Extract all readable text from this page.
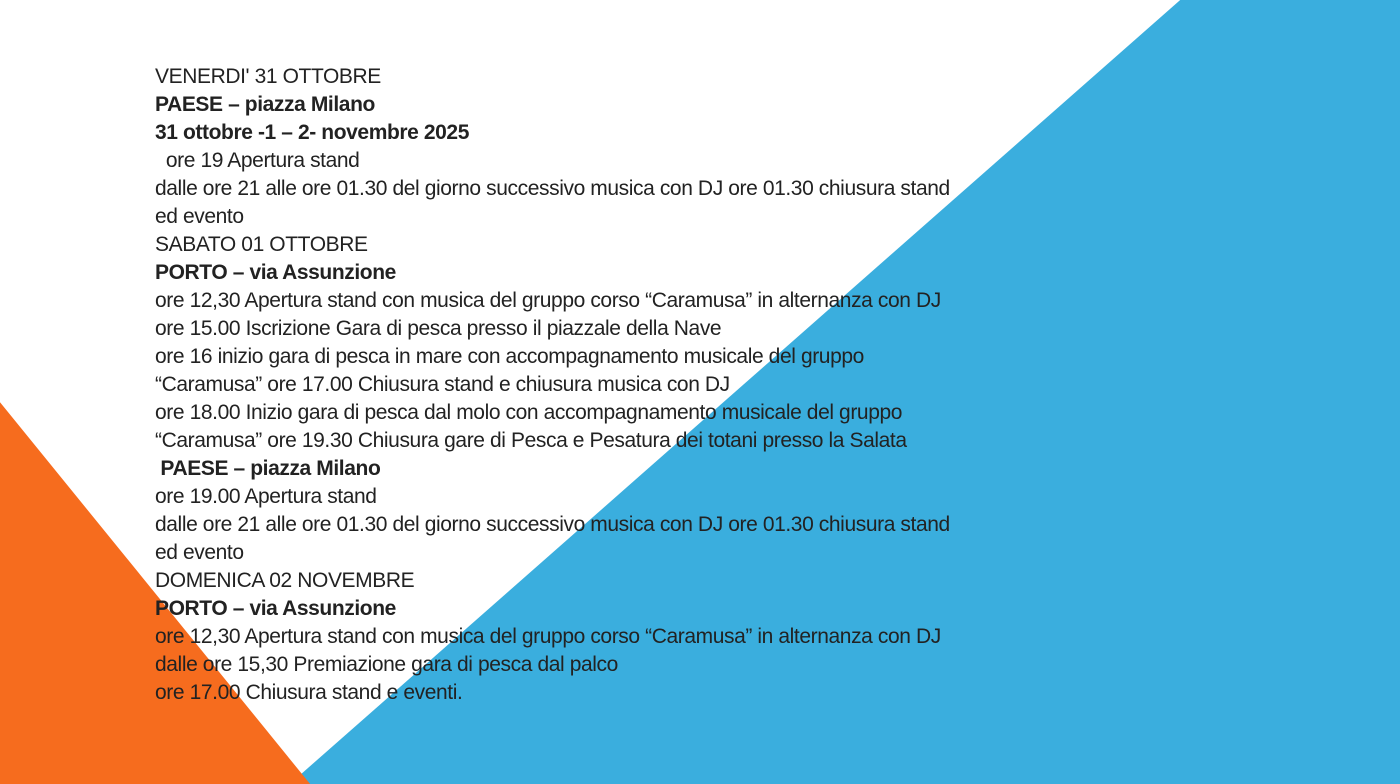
VENERDI' 31 OTTOBRE
PAESE – piazza Milano
31 ottobre -1 – 2- novembre 2025
ore 19 Apertura stand
dalle ore 21 alle ore 01.30 del giorno successivo musica con DJ ore 01.30 chiusura stand
ed evento
SABATO 01 OTTOBRE
PORTO – via Assunzione
ore 12,30 Apertura stand con musica del gruppo corso “Caramusa” in alternanza con DJ
ore 15.00 Iscrizione Gara di pesca presso il piazzale della Nave
ore 16 inizio gara di pesca in mare con accompagnamento musicale del gruppo
“Caramusa” ore 17.00 Chiusura stand e chiusura musica con DJ
ore 18.00 Inizio gara di pesca dal molo con accompagnamento musicale del gruppo
“Caramusa” ore 19.30 Chiusura gare di Pesca e Pesatura dei totani presso la Salata
PAESE – piazza Milano
ore 19.00 Apertura stand
dalle ore 21 alle ore 01.30 del giorno successivo musica con DJ ore 01.30 chiusura stand
ed evento
DOMENICA 02 NOVEMBRE
PORTO – via Assunzione
ore 12,30 Apertura stand con musica del gruppo corso “Caramusa” in alternanza con DJ
dalle ore 15,30 Premiazione gara di pesca dal palco
ore 17.00 Chiusura stand e eventi.
